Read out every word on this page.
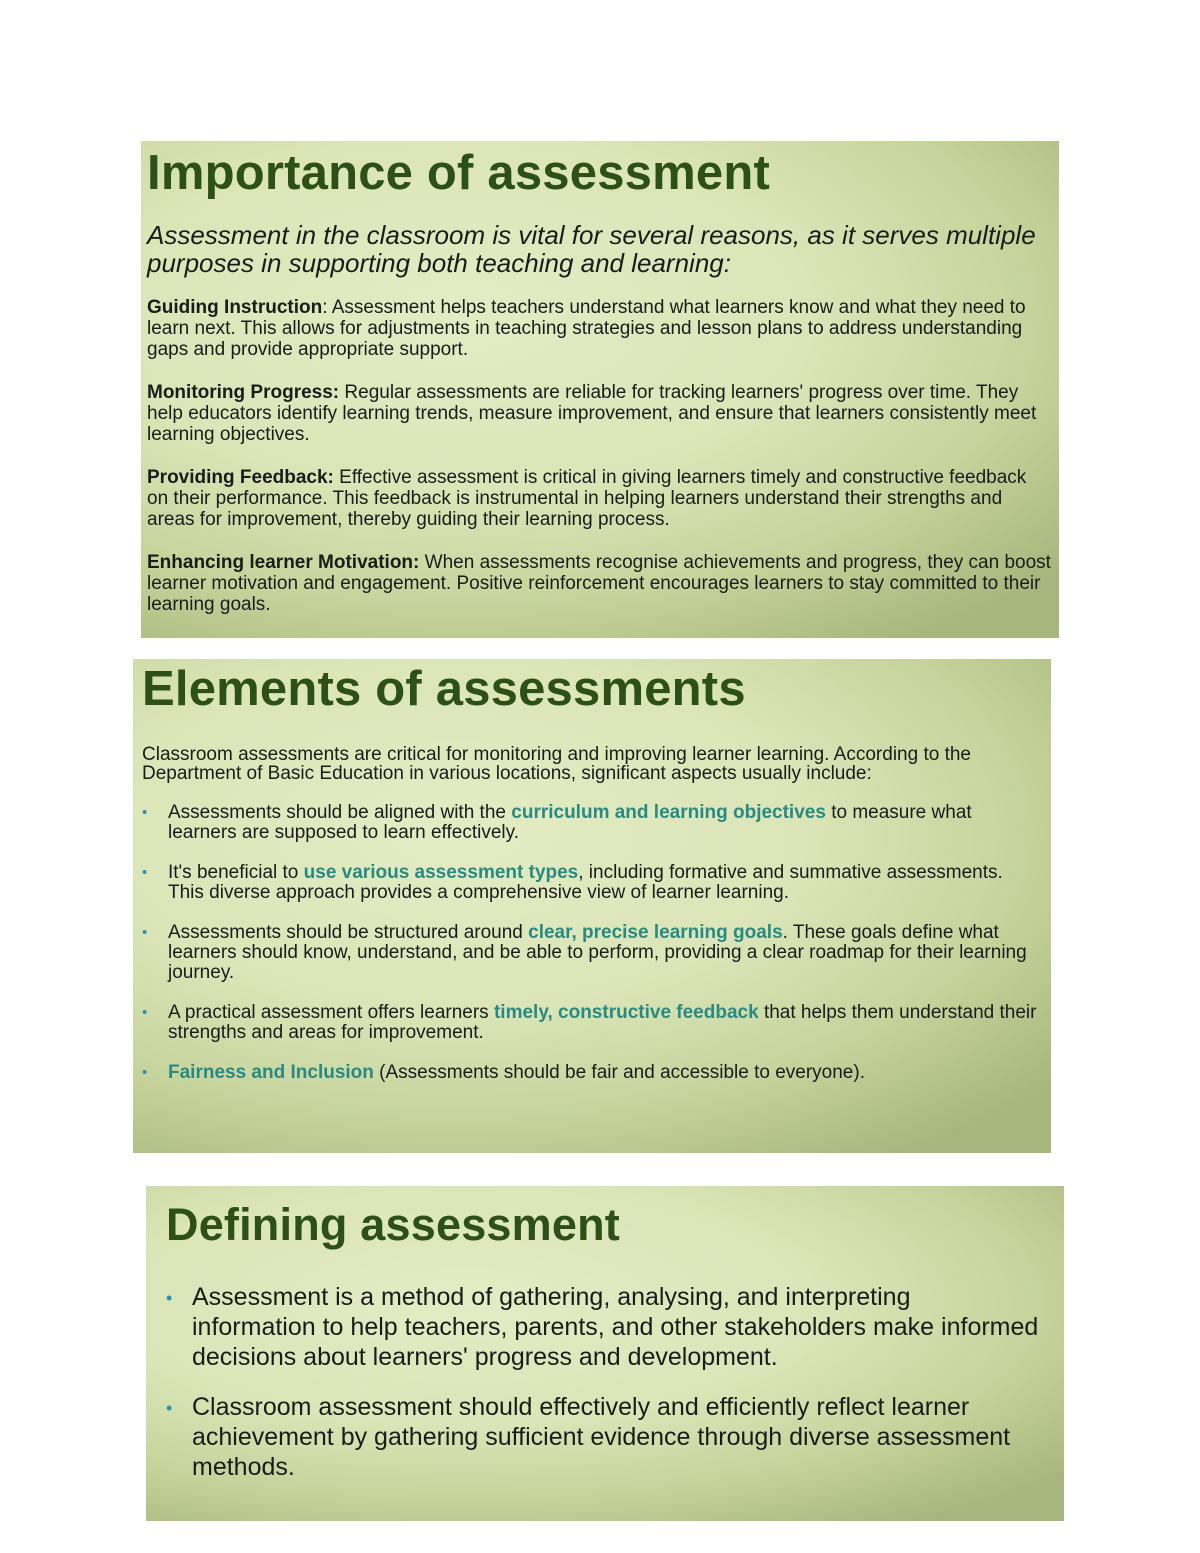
Importance of assessment

Assessment in the classroom is vital for several reasons, as it serves multiple purposes in supporting both teaching and learning:

Guiding Instruction: Assessment helps teachers understand what learners know and what they need to learn next. This allows for adjustments in teaching strategies and lesson plans to address understanding gaps and provide appropriate support.

Monitoring Progress: Regular assessments are reliable for tracking learners' progress over time. They help educators identify learning trends, measure improvement, and ensure that learners consistently meet learning objectives.

Providing Feedback: Effective assessment is critical in giving learners timely and constructive feedback on their performance. This feedback is instrumental in helping learners understand their strengths and areas for improvement, thereby guiding their learning process.

Enhancing learner Motivation: When assessments recognise achievements and progress, they can boost learner motivation and engagement. Positive reinforcement encourages learners to stay committed to their learning goals.

Elements of assessments

Classroom assessments are critical for monitoring and improving learner learning. According to the Department of Basic Education in various locations, significant aspects usually include:

• Assessments should be aligned with the curriculum and learning objectives to measure what learners are supposed to learn effectively.
• It's beneficial to use various assessment types, including formative and summative assessments. This diverse approach provides a comprehensive view of learner learning.
• Assessments should be structured around clear, precise learning goals. These goals define what learners should know, understand, and be able to perform, providing a clear roadmap for their learning journey.
• A practical assessment offers learners timely, constructive feedback that helps them understand their strengths and areas for improvement.
• Fairness and Inclusion (Assessments should be fair and accessible to everyone).
Defining assessment
• Assessment is a method of gathering, analysing, and interpreting information to help teachers, parents, and other stakeholders make informed decisions about learners' progress and development.
• Classroom assessment should effectively and efficiently reflect learner achievement by gathering sufficient evidence through diverse assessment methods.
